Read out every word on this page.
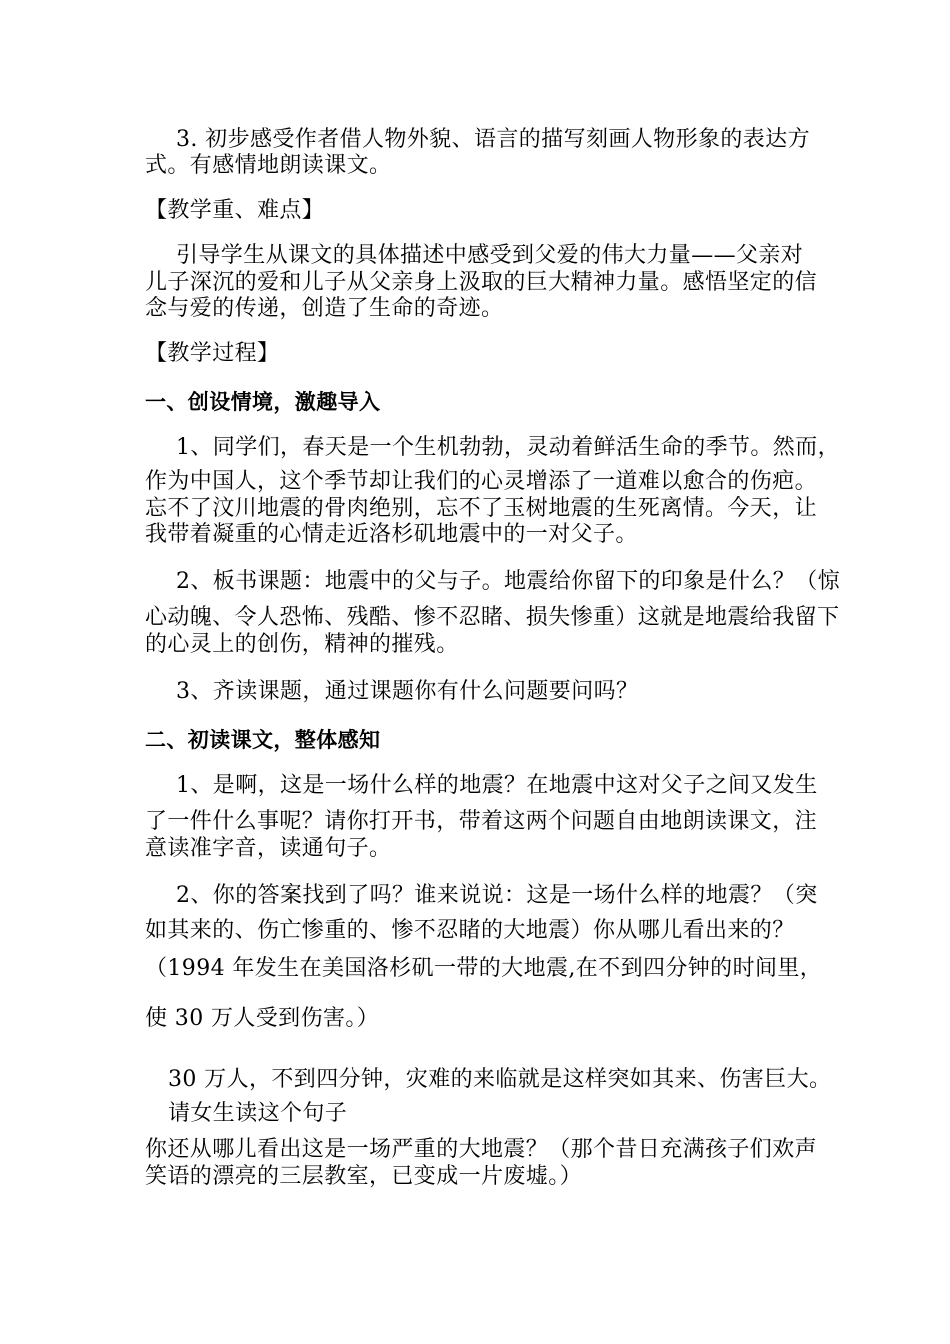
3. 初步感受作者借人物外貌、语言的描写刻画人物形象的表达方
式。有感情地朗读课文。
【教学重、难点】
引导学生从课文的具体描述中感受到父爱的伟大力量——父亲对
儿子深沉的爱和儿子从父亲身上汲取的巨大精神力量。感悟坚定的信
念与爱的传递，创造了生命的奇迹。
【教学过程】
一、创设情境，激趣导入
1、同学们，春天是一个生机勃勃，灵动着鲜活生命的季节。然而，
作为中国人，这个季节却让我们的心灵增添了一道难以愈合的伤疤。
忘不了汶川地震的骨肉绝别，忘不了玉树地震的生死离情。今天，让
我带着凝重的心情走近洛杉矶地震中的一对父子。
2、板书课题：地震中的父与子。地震给你留下的印象是什么？（惊
心动魄、令人恐怖、残酷、惨不忍睹、损失惨重）这就是地震给我留下
的心灵上的创伤，精神的摧残。
3、齐读课题，通过课题你有什么问题要问吗？
二、初读课文，整体感知
1、是啊，这是一场什么样的地震？在地震中这对父子之间又发生
了一件什么事呢？请你打开书，带着这两个问题自由地朗读课文，注
意读准字音，读通句子。
2、你的答案找到了吗？谁来说说：这是一场什么样的地震？（突
如其来的、伤亡惨重的、惨不忍睹的大地震）你从哪儿看出来的？
（1994 年发生在美国洛杉矶一带的大地震,在不到四分钟的时间里，
使 30 万人受到伤害。）
30 万人，不到四分钟，灾难的来临就是这样突如其来、伤害巨大。
请女生读这个句子
你还从哪儿看出这是一场严重的大地震？（那个昔日充满孩子们欢声
笑语的漂亮的三层教室，已变成一片废墟。）
